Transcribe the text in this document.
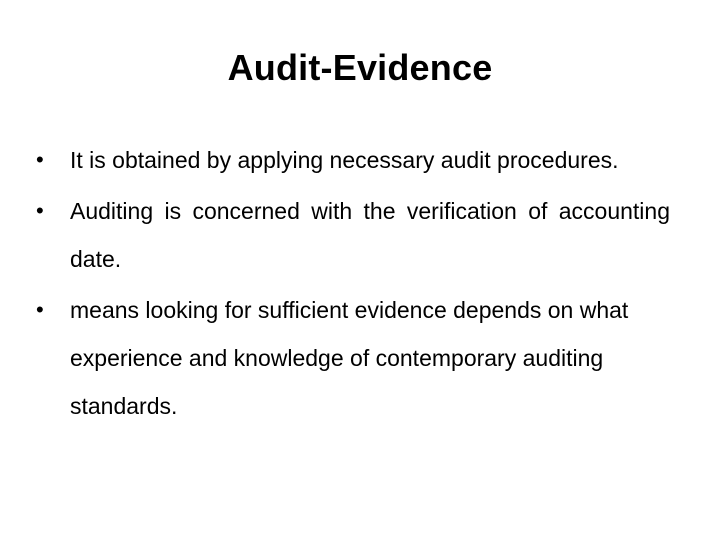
Audit-Evidence
•	It is obtained by applying necessary audit procedures.
•	Auditing is concerned with the verification of accounting date.
•	means looking for sufficient evidence depends on what experience and knowledge of contemporary auditing standards.
